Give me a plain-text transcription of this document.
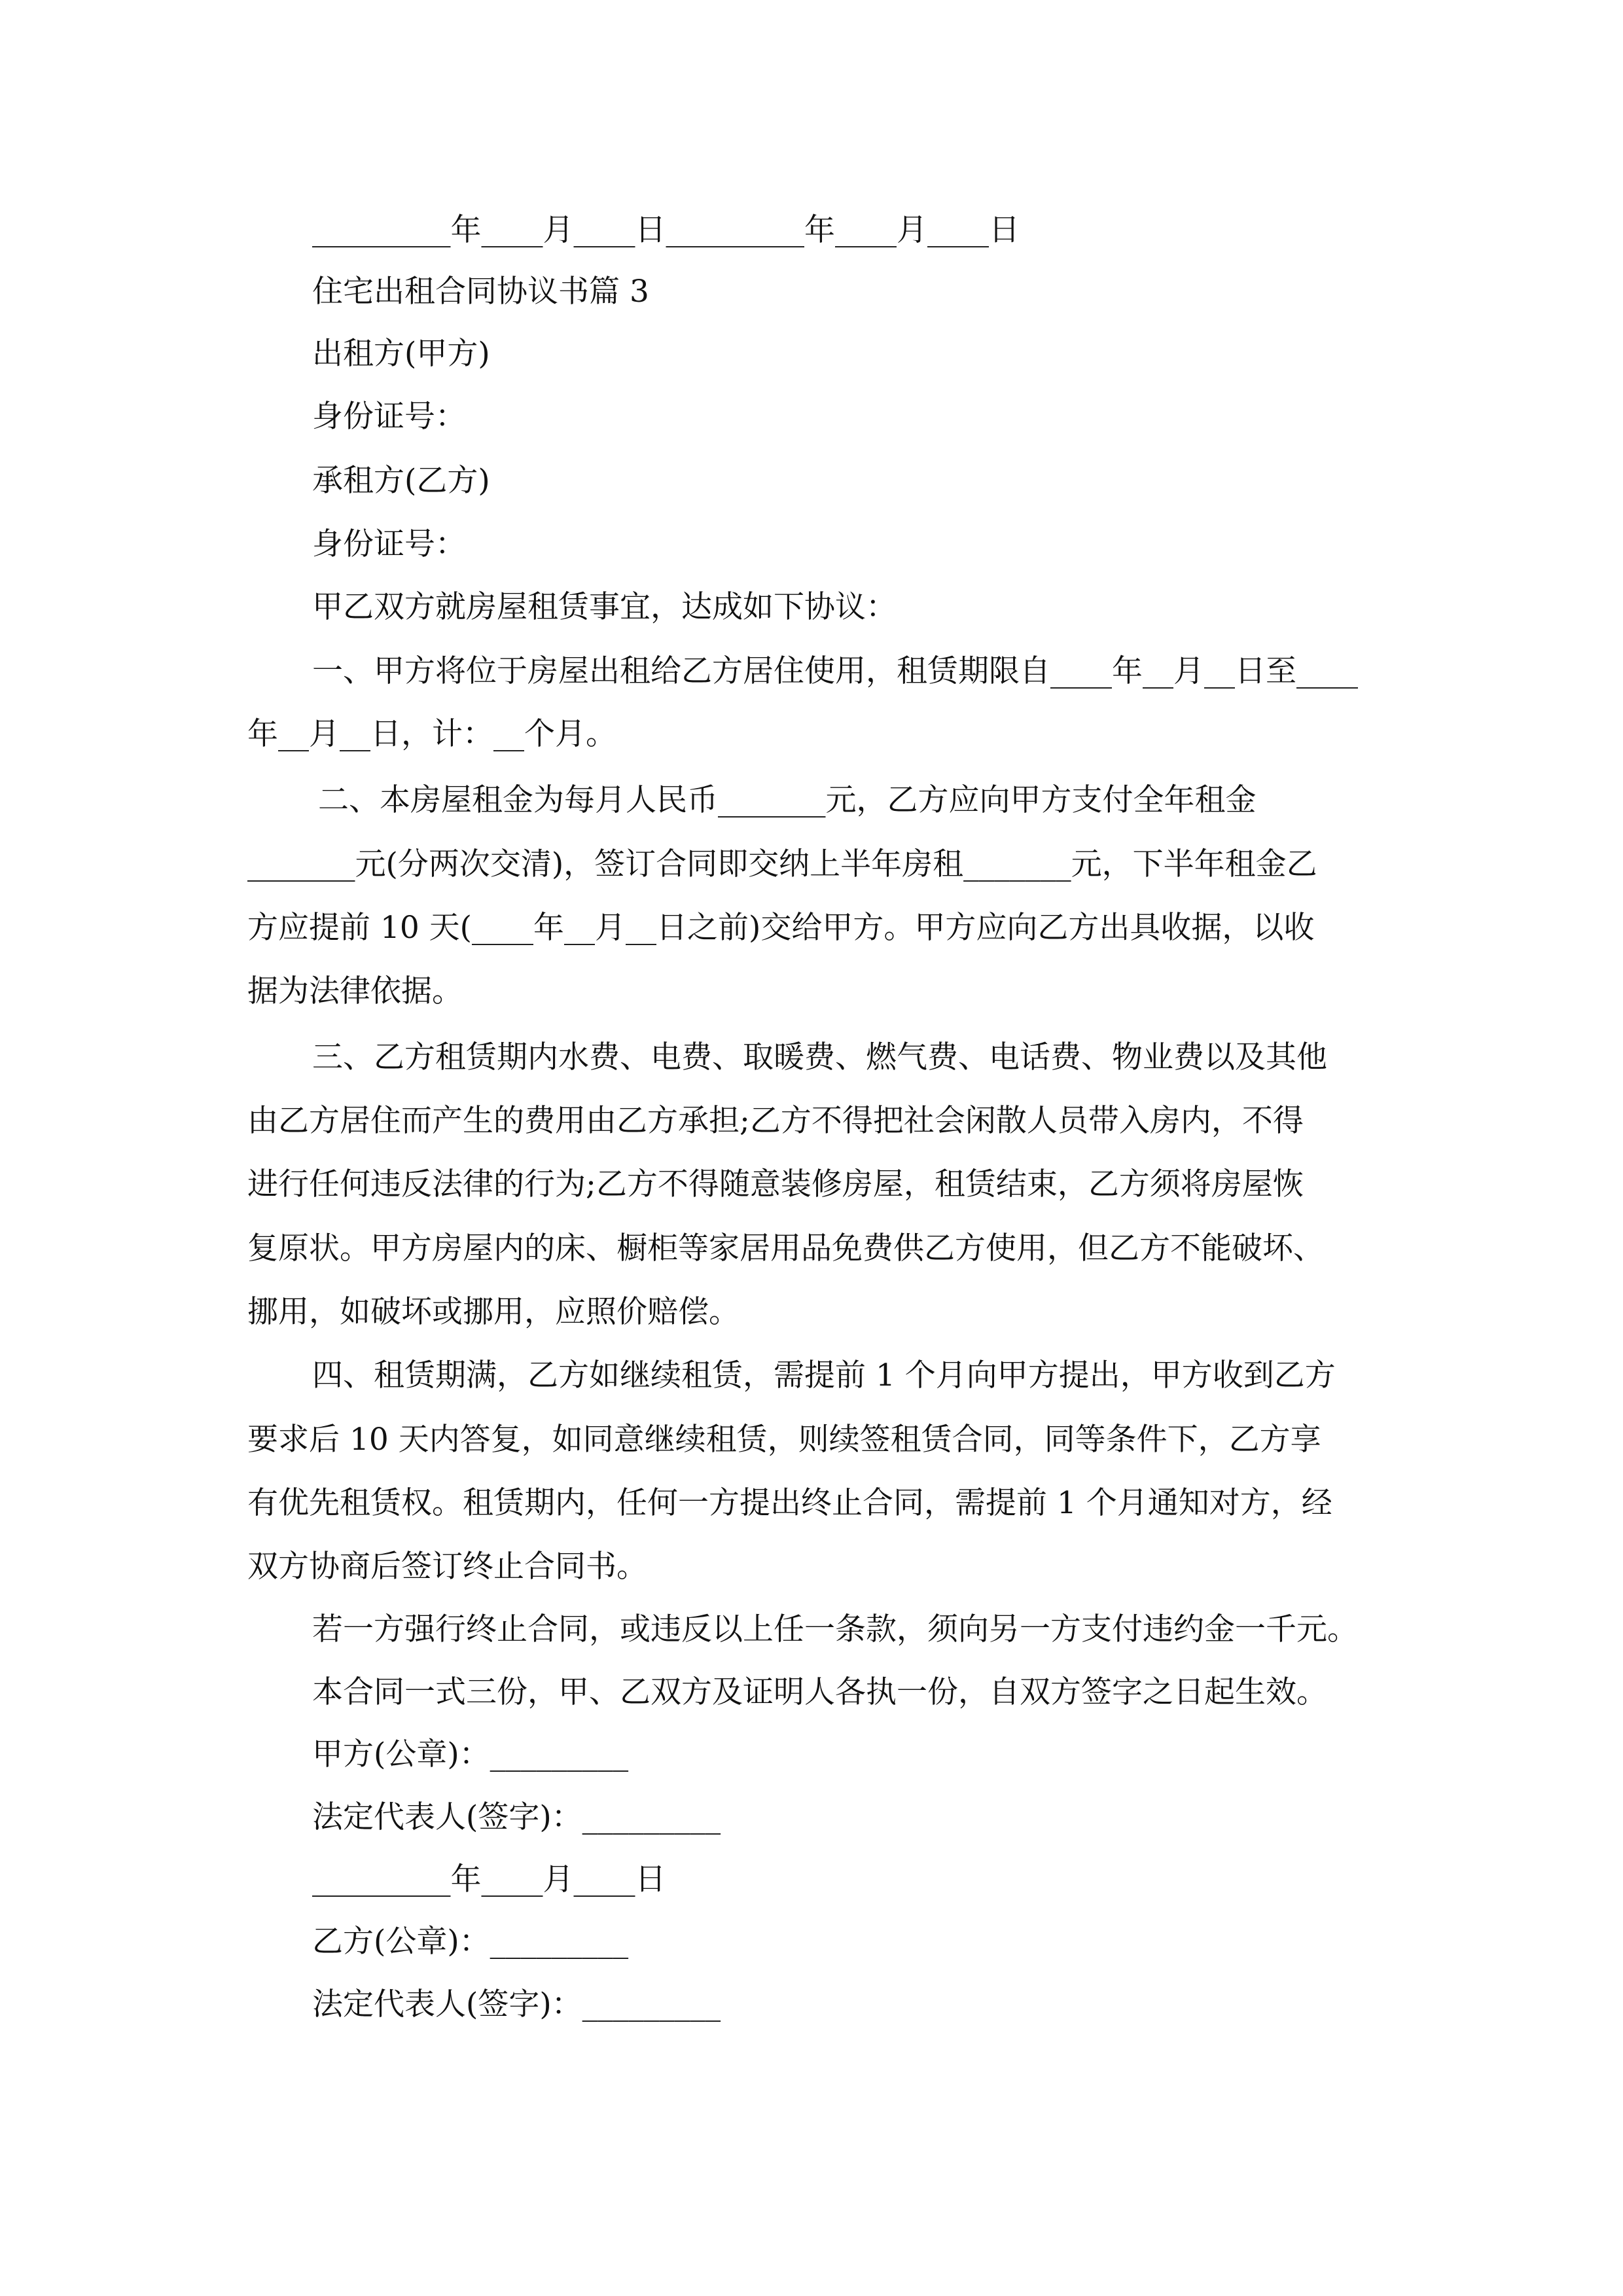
_________年____月____日_________年____月____日
住宅出租合同协议书篇 3
出租方(甲方)
身份证号：
承租方(乙方)
身份证号：
甲乙双方就房屋租赁事宜，达成如下协议：
一、甲方将位于房屋出租给乙方居住使用，租赁期限自____年__月__日至____
年__月__日，计：__个月。
二、本房屋租金为每月人民币_______元，乙方应向甲方支付全年租金
_______元(分两次交清)，签订合同即交纳上半年房租_______元，下半年租金乙
方应提前 10 天(____年__月__日之前)交给甲方。甲方应向乙方出具收据，以收
据为法律依据。
三、乙方租赁期内水费、电费、取暖费、燃气费、电话费、物业费以及其他
由乙方居住而产生的费用由乙方承担;乙方不得把社会闲散人员带入房内，不得
进行任何违反法律的行为;乙方不得随意装修房屋，租赁结束，乙方须将房屋恢
复原状。甲方房屋内的床、橱柜等家居用品免费供乙方使用，但乙方不能破坏、
挪用，如破坏或挪用，应照价赔偿。
四、租赁期满，乙方如继续租赁，需提前 1 个月向甲方提出，甲方收到乙方
要求后 10 天内答复，如同意继续租赁，则续签租赁合同，同等条件下，乙方享
有优先租赁权。租赁期内，任何一方提出终止合同，需提前 1 个月通知对方，经
双方协商后签订终止合同书。
若一方强行终止合同，或违反以上任一条款，须向另一方支付违约金一千元。
本合同一式三份，甲、乙双方及证明人各执一份，自双方签字之日起生效。
甲方(公章)：_________
法定代表人(签字)：_________
_________年____月____日
乙方(公章)：_________
法定代表人(签字)：_________
